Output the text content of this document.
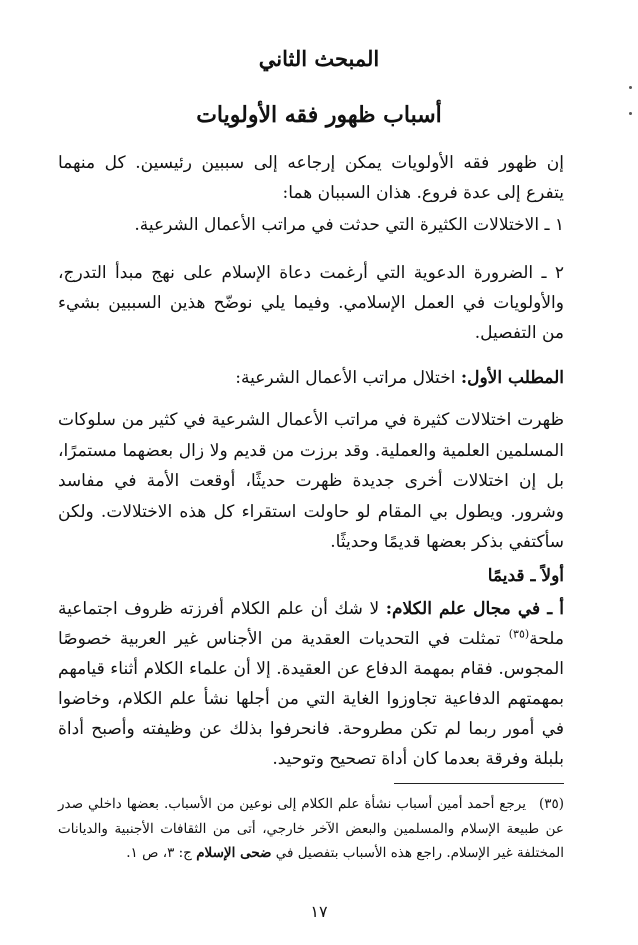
المبحث الثاني
أسباب ظهور فقه الأولويات

إن ظهور فقه الأولويات يمكن إرجاعه إلى سببين رئيسين. كل منهما يتفرع إلى عدة فروع. هذان السببان هما:

١ ـ الاختلالات الكثيرة التي حدثت في مراتب الأعمال الشرعية.

٢ ـ الضرورة الدعوية التي أرغمت دعاة الإسلام على نهج مبدأ التدرج، والأولويات في العمل الإسلامي. وفيما يلي نوضّح هذين السببين بشيء من التفصيل.

المطلب الأول: اختلال مراتب الأعمال الشرعية:

ظهرت اختلالات كثيرة في مراتب الأعمال الشرعية في كثير من سلوكات المسلمين العلمية والعملية. وقد برزت من قديم ولا زال بعضهما مستمرًا، بل إن اختلالات أخرى جديدة ظهرت حديثًا، أوقعت الأمة في مفاسد وشرور. ويطول بي المقام لو حاولت استقراء كل هذه الاختلالات. ولكن سأكتفي بذكر بعضها قديمًا وحديثًا.

أولاً ـ قديمًا

أ ـ في مجال علم الكلام: لا شك أن علم الكلام أفرزته ظروف اجتماعية ملحة$^{(٣٥)}$ تمثلت في التحديات العقدية من الأجناس غير العربية خصوصًا المجوس. فقام بمهمة الدفاع عن العقيدة. إلا أن علماء الكلام أثناء قيامهم بمهمتهم الدفاعية تجاوزوا الغاية التي من أجلها نشأ علم الكلام، وخاضوا في أمور ربما لم تكن مطروحة. فانحرفوا بذلك عن وظيفته وأصبح أداة بلبلة وفرقة بعدما كان أداة تصحيح وتوحيد.

(٣٥) يرجع أحمد أمين أسباب نشأة علم الكلام إلى نوعين من الأسباب. بعضها داخلي صدر عن طبيعة الإسلام والمسلمين والبعض الآخر خارجي، أتى من الثقافات الأجنبية والديانات المختلفة غير الإسلام. راجع هذه الأسباب بتفصيل في ضحى الإسلام ج: ٣، ص ١.

١٧
